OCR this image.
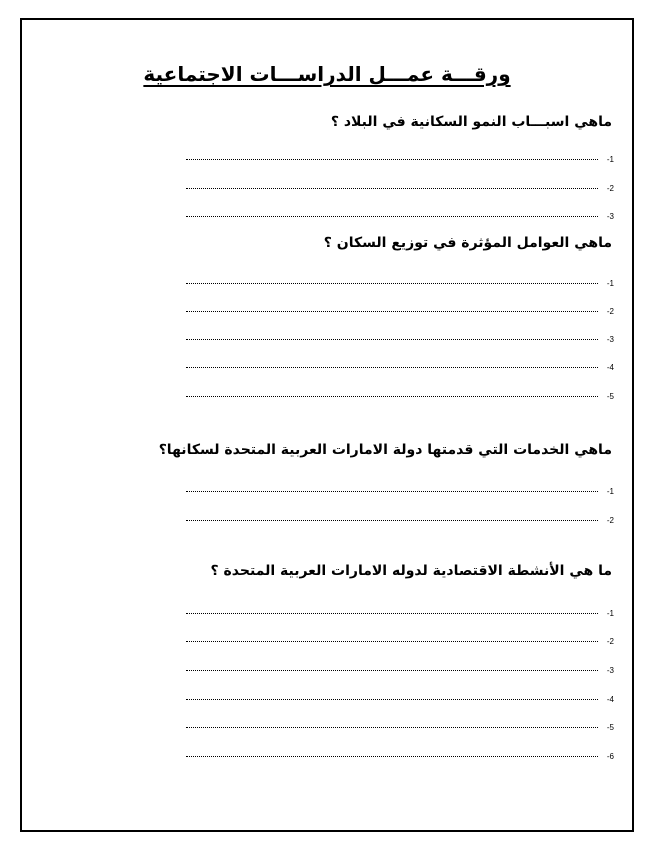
ورقـــة عمـــل الدراســـات الاجتماعية

ماهي اسبـــاب النمو السكانية في البلاد ؟

-1
-2
-3

ماهي العوامل المؤثرة في توزيع السكان ؟

-1
-2
-3
-4
-5

ماهي الخدمات التي قدمتها دولة الامارات العربية المتحدة لسكانها؟

-1
-2

ما هي الأنشطة الاقتصادية لدوله الامارات العربية المتحدة ؟

-1
-2
-3
-4
-5
-6
